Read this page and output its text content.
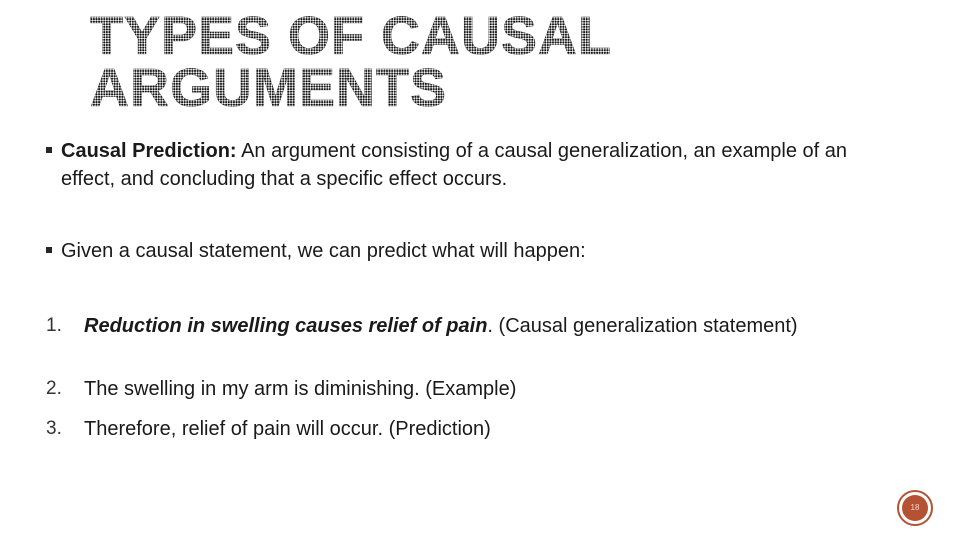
TYPES OF CAUSAL
ARGUMENTS
Causal Prediction: An argument consisting of a causal generalization, an example of an effect, and concluding that a specific effect occurs.
Given a causal statement, we can predict what will happen:
1. Reduction in swelling causes relief of pain. (Causal generalization statement)
2. The swelling in my arm is diminishing. (Example)
3. Therefore, relief of pain will occur. (Prediction)
18
